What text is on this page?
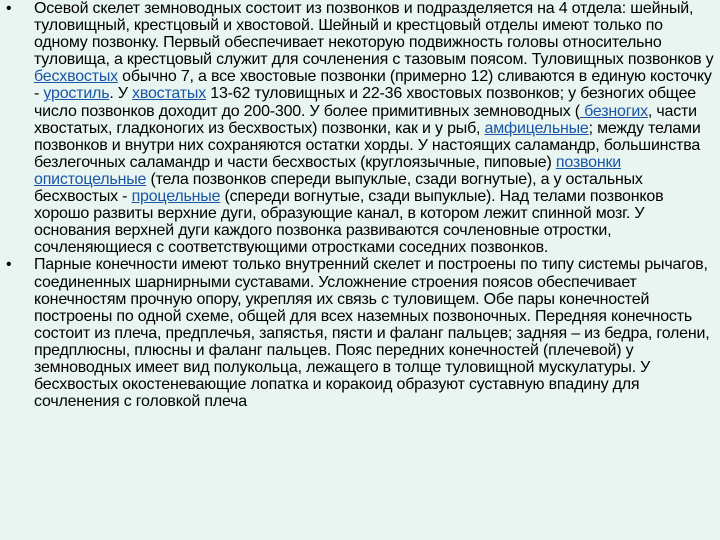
• Осевой скелет земноводных состоит из позвонков и подразделяется на 4 отдела: шейный, туловищный, крестцовый и хвостовой. Шейный и крестцовый отделы имеют только по одному позвонку. Первый обеспечивает некоторую подвижность головы относительно туловища, а крестцовый служит для сочленения с тазовым поясом. Туловищных позвонков у бесхвостых обычно 7, а все хвостовые позвонки (примерно 12) сливаются в единую косточку - уростиль. У хвостатых 13-62 туловищных и 22-36 хвостовых позвонков; у безногих общее число позвонков доходит до 200-300. У более примитивных земноводных ( безногих, части хвостатых, гладконогих из бесхвостых) позвонки, как и у рыб, амфицельные; между телами позвонков и внутри них сохраняются остатки хорды. У настоящих саламандр, большинства безлегочных саламандр и части бесхвостых (круглоязычные, пиповые) позвонки опистоцельные (тела позвонков спереди выпуклые, сзади вогнутые), а у остальных бесхвостых - процельные (спереди вогнутые, сзади выпуклые). Над телами позвонков хорошо развиты верхние дуги, образующие канал, в котором лежит спинной мозг. У основания верхней дуги каждого позвонка развиваются сочленовные отростки, сочленяющиеся с соответствующими отростками соседних позвонков.
• Парные конечности имеют только внутренний скелет и построены по типу системы рычагов, соединенных шарнирными суставами. Усложнение строения поясов обеспечивает конечностям прочную опору, укрепляя их связь с туловищем. Обе пары конечностей построены по одной схеме, общей для всех наземных позвоночных. Передняя конечность состоит из плеча, предплечья, запястья, пясти и фаланг пальцев; задняя – из бедра, голени, предплюсны, плюсны и фаланг пальцев. Пояс передних конечностей (плечевой) у земноводных имеет вид полукольца, лежащего в толще туловищной мускулатуры. У бесхвостых окостеневающие лопатка и коракоид образуют суставную впадину для сочленения с головкой плеча
